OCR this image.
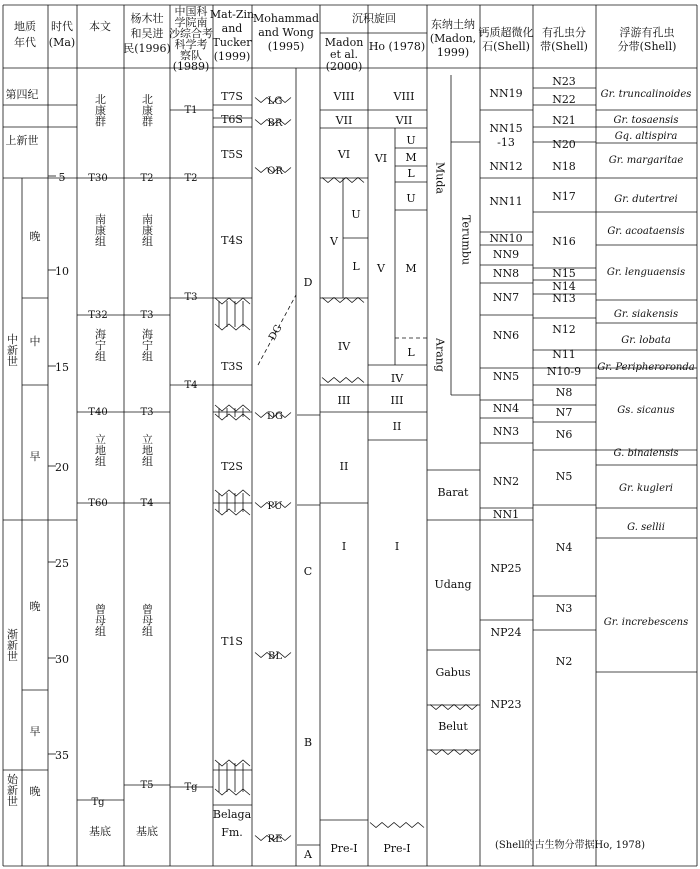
地质
年代
时代
(Ma)
本文
杨木壮
和吴进
民(1996)
中国科
学院南
沙综合考
科学考
察队
(1989)
Mat-Zin
and
Tucker
(1999)
Mohammad
and Wong
(1995)
沉积旋回
Madon
et al.
(2000)
Ho (1978)
东纳土纳
(Madon,
1999)
钙质超微化
石(Shell)
有孔虫分
带(Shell)
浮游有孔虫
分带(Shell)
第四纪
上新世
中新世
渐新世
始新世
晚
中
早
晚
早
晚
5
10
15
20
25
30
35
北康群
南康组
海宁组
立地组
曾母组
基底
T30
T32
T40
T60
Tg
北康群
南康组
海宁组
立地组
曾母组
基底
T2
T3
T3
T4
T5
T1
T2
T3
T4
Tg
T7S
T6S
T5S
T4S
T3S
T2S
T1S
Belaga
Fm.
LG
BR
OR
DG
PU
BL
RE
D
C
B
A
DG
VIII
VII
VI
V
U
L
IV
III
II
I
Pre-I
VIII
VII
VI
U
M
L
U
V M
L
IV
III
II
I
Pre-I
Muda
Terumbu
Arang
Barat
Udang
Gabus
Belut
NN19
NN15
-13
NN12
NN11
NN10
NN9
NN8
NN7
NN6
NN5
NN4
NN3
NN2
NN1
NP25
NP24
NP23
N23
N22
N21
N20
N18
N17
N16
N15
N14
N13
N12
N11
N10-9
N8
N7
N6
N5
N4
N3
N2
Gr. truncalinoides
Gr. tosaensis
Gq. altispira
Gr. margaritae
Gr. dutertrei
Gr. acoataensis
Gr. lenguaensis
Gr. siakensis
Gr. lobata
Gr. Peripheroronda
Gs. sicanus
G. binaiensis
Gr. kugleri
G. sellii
Gr. increbescens
(Shell的古生物分带据Ho, 1978)
